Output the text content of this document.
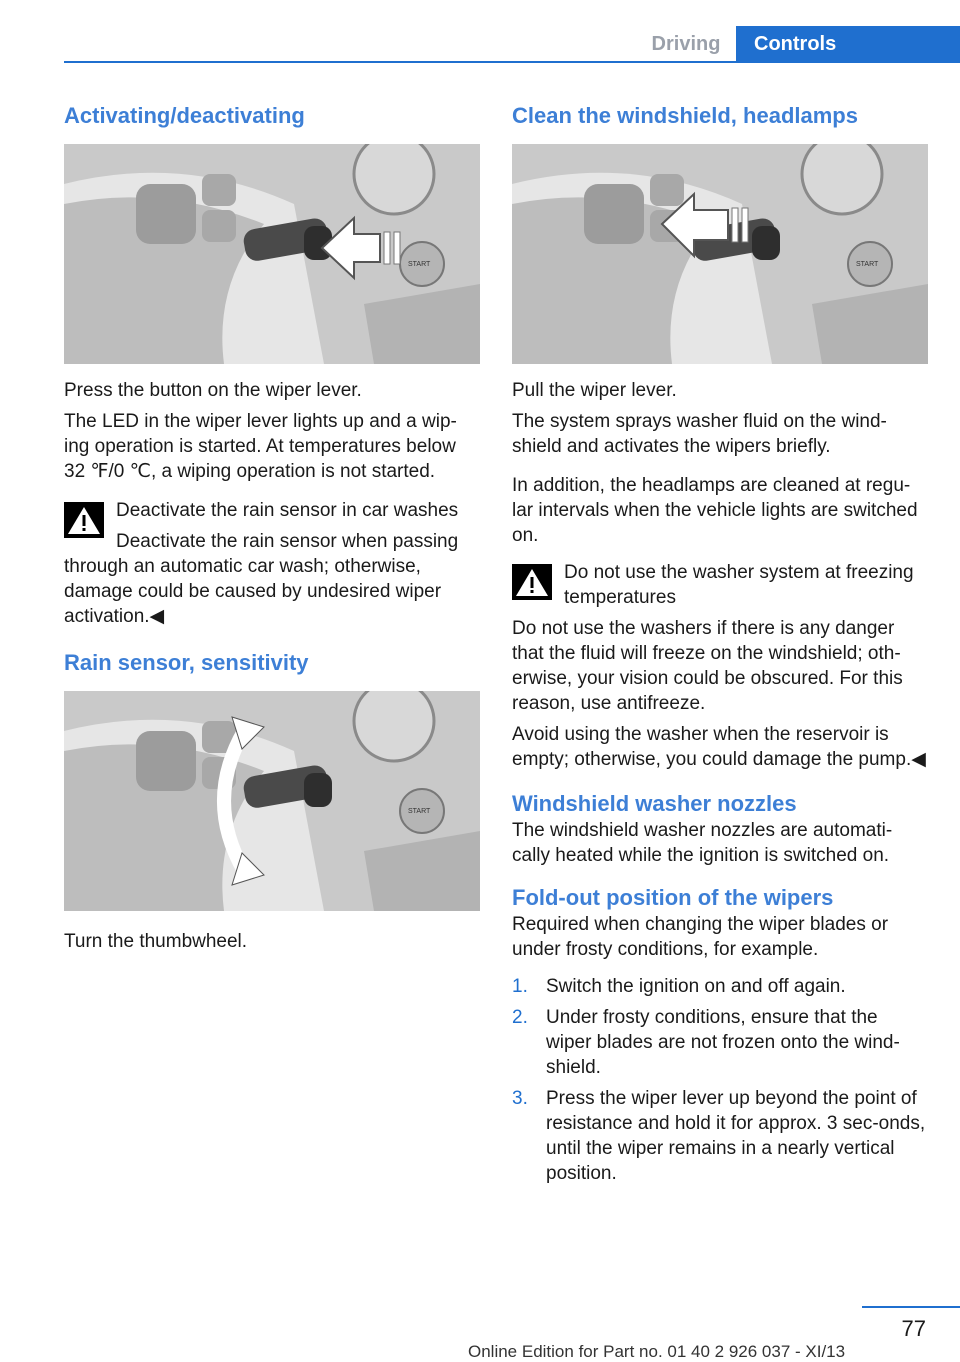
Driving	Controls
Activating/deactivating
START

Press the button on the wiper lever.

The LED in the wiper lever lights up and a wip‐ing operation is started. At temperatures below 32 ℉/0 ℃, a wiping operation is not started.

Deactivate the rain sensor in car washes

Deactivate the rain sensor when passing through an automatic car wash; otherwise, damage could be caused by undesired wiper activation.◀

Rain sensor, sensitivity
START

Turn the thumbwheel.

Clean the windshield, headlamps
START

Pull the wiper lever.

The system sprays washer fluid on the wind‐shield and activates the wipers briefly.

In addition, the headlamps are cleaned at regu‐lar intervals when the vehicle lights are switched on.

Do not use the washer system at freezing temperatures

Do not use the washers if there is any danger that the fluid will freeze on the windshield; oth‐erwise, your vision could be obscured. For this reason, use antifreeze.

Avoid using the washer when the reservoir is empty; otherwise, you could damage the pump.◀

Windshield washer nozzles

The windshield washer nozzles are automati‐cally heated while the ignition is switched on.

Fold-out position of the wipers

Required when changing the wiper blades or under frosty conditions, for example.

1. Switch the ignition on and off again.
2. Under frosty conditions, ensure that the wiper blades are not frozen onto the wind‐shield.
3. Press the wiper lever up beyond the point of resistance and hold it for approx. 3 sec‐onds, until the wiper remains in a nearly vertical position.
77
Online Edition for Part no. 01 40 2 926 037 - XI/13
